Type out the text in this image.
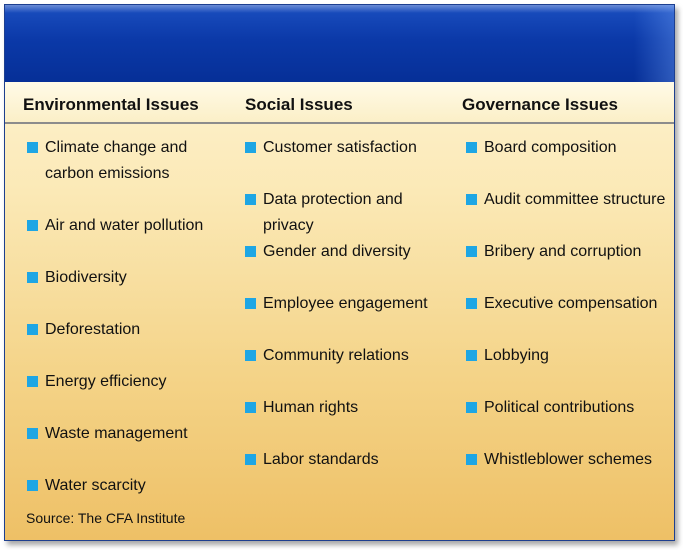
Environmental Issues	Social Issues	Governance Issues
Climate change and carbon emissions
Air and water pollution
Biodiversity
Deforestation
Energy efficiency
Waste management
Water scarcity
Customer satisfaction
Data protection and privacy
Gender and diversity
Employee engagement
Community relations
Human rights
Labor standards
Board composition
Audit committee structure
Bribery and corruption
Executive compensation
Lobbying
Political contributions
Whistleblower schemes
Source: The CFA Institute
